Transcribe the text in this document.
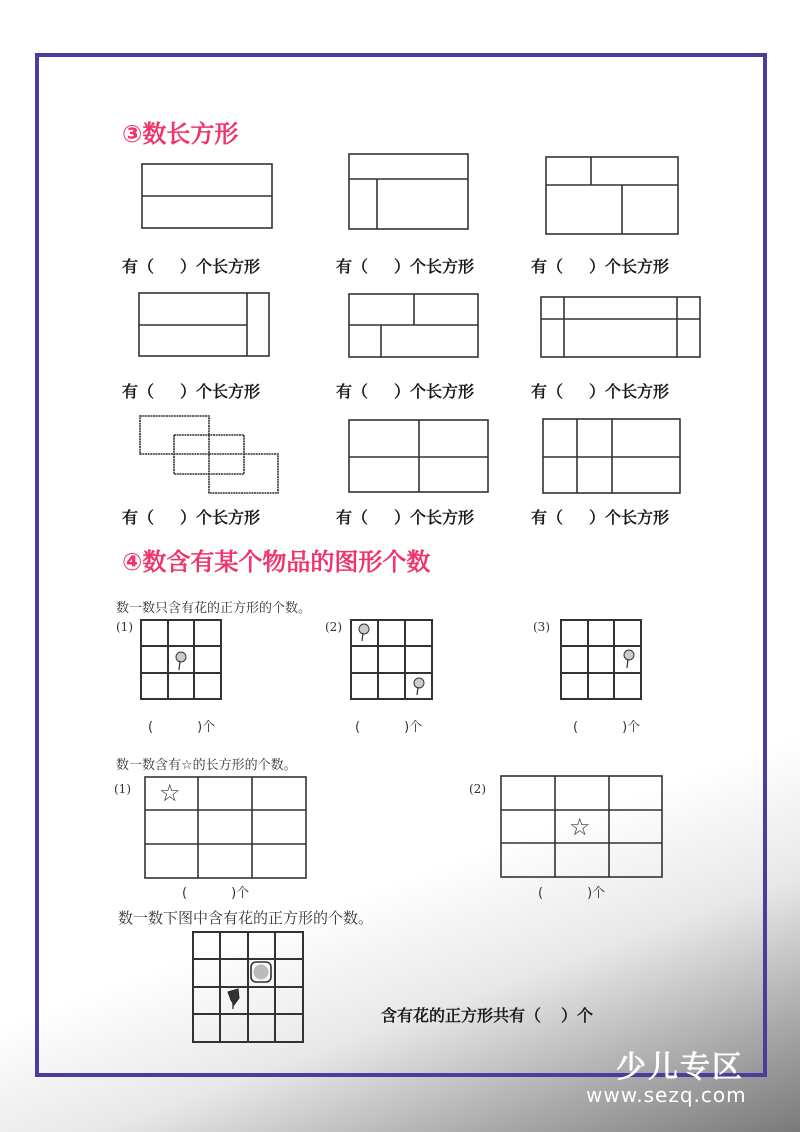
③数长方形
有（ ）个长方形	有（ ）个长方形	有（ ）个长方形
有（ ）个长方形	有（ ）个长方形	有（ ）个长方形
有（ ）个长方形	有（ ）个长方形	有（ ）个长方形
④数含有某个物品的图形个数
数一数只含有花的正方形的个数。
(1)	(2)	(3)
(	)个	(	)个	(	)个
数一数含有☆的长方形的个数。
(1)	(2)
☆
☆
(	)个	(	)个
数一数下图中含有花的正方形的个数。
含有花的正方形共有（ ）个
少儿专区
www.sezq.com
